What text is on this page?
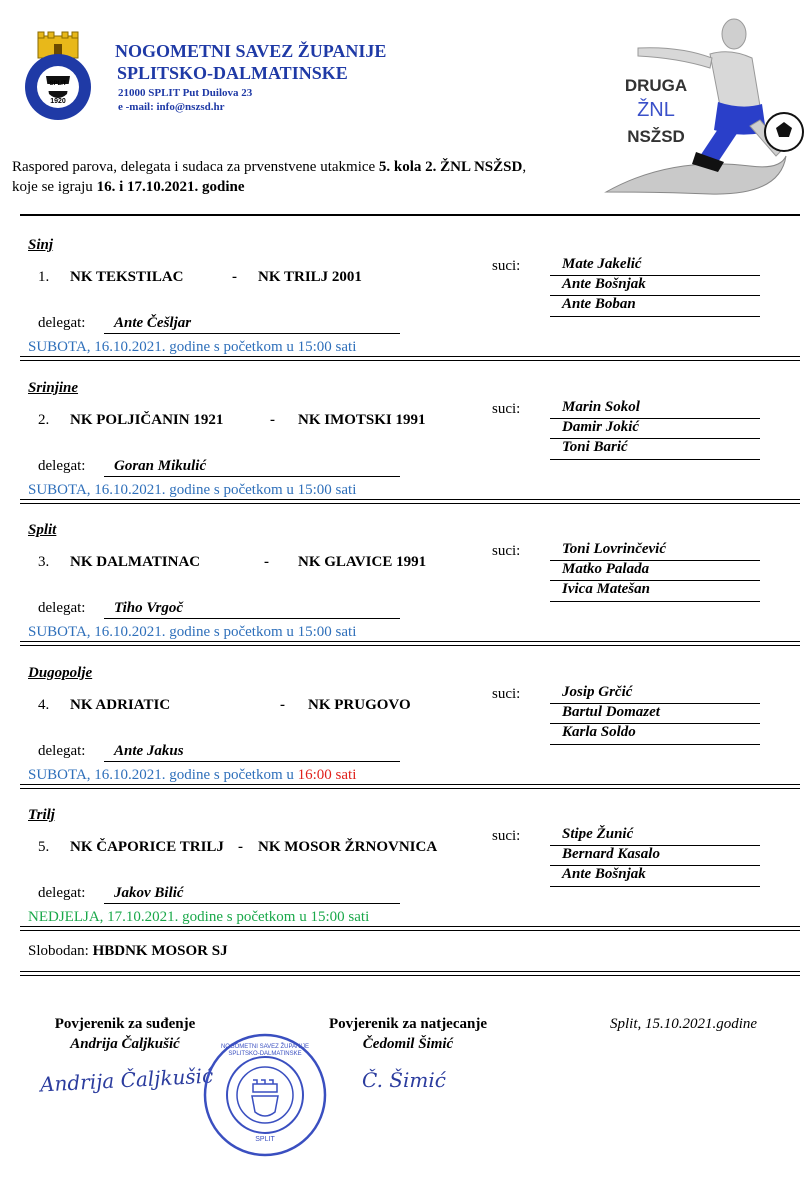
SPLIT
1920
NOGOMETNI SAVEZ ŽUPANIJE
SPLITSKO-DALMATINSKE
21000 SPLIT Put Duilova 23
e -mail: info@nszsd.hr
DRUGA
ŽNL
NSŽSD
Raspored parova, delegata i sudaca za prvenstvene utakmice 5. kola 2. ŽNL NSŽSD,
koje se igraju 16. i 17.10.2021. godine
Sinj
1. NK TEKSTILAC	- NK TRILJ 2001
suci:	Mate Jakelić
Ante Bošnjak
Ante Boban
delegat: Ante Češljar
SUBOTA, 16.10.2021. godine s početkom u 15:00 sati
Srinjine
2. NK POLJIČANIN 1921	- NK IMOTSKI 1991
suci:	Marin Sokol
Damir Jokić
Toni Barić
delegat: Goran Mikulić
SUBOTA, 16.10.2021. godine s početkom u 15:00 sati
Split
3. NK DALMATINAC	- NK GLAVICE 1991
suci:	Toni Lovrinčević
Matko Palada
Ivica Matešan
delegat: Tiho Vrgoč
SUBOTA, 16.10.2021. godine s početkom u 15:00 sati
Dugopolje
4. NK ADRIATIC	- NK PRUGOVO
suci:	Josip Grčić
Bartul Domazet
Karla Soldo
delegat: Ante Jakus
SUBOTA, 16.10.2021. godine s početkom u 16:00 sati
Trilj
5. NK ČAPORICE TRILJ - NK MOSOR ŽRNOVNICA
suci:	Stipe Žunić
Bernard Kasalo
Ante Bošnjak
delegat: Jakov Bilić
NEDJELJA, 17.10.2021. godine s početkom u 15:00 sati
Slobodan: HBDNK MOSOR SJ
Povjerenik za suđenje
Andrija Čaljkušić
Andrija Čaljkušić
Povjerenik za natjecanje
Čedomil Šimić
Č. Šimić
Split, 15.10.2021.godine
NOGOMETNI SAVEZ ŽUPANIJE SPLITSKO-DALMATINSKE
SPLIT
